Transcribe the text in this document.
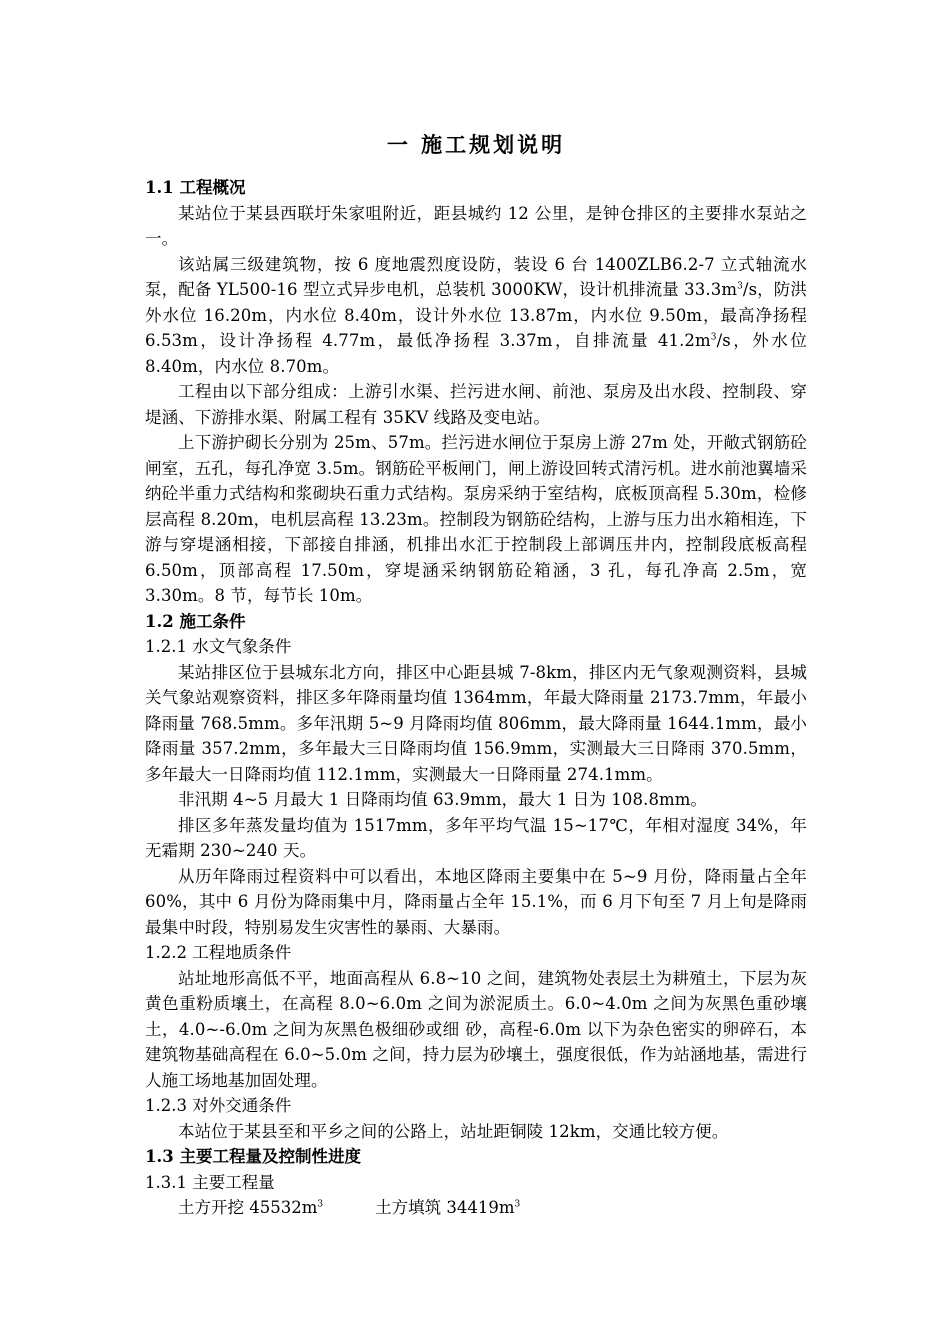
一 施工规划说明
1.1 工程概况

某站位于某县西联圩朱家咀附近，距县城约 12 公里，是钟仓排区的主要排水泵站之一。

该站属三级建筑物，按 6 度地震烈度设防，装设 6 台 1400ZLB6.2-7 立式轴流水泵，配备 YL500-16 型立式异步电机，总装机 3000KW，设计机排流量 $33.3m^3/s$，防洪外水位 16.20m，内水位 8.40m，设计外水位 13.87m，内水位 9.50m，最高净扬程 6.53m，设计净扬程 4.77m，最低净扬程 3.37m，自排流量 $41.2m^3/s$，外水位 8.40m，内水位 8.70m。

工程由以下部分组成：上游引水渠、拦污进水闸、前池、泵房及出水段、控制段、穿堤涵、下游排水渠、附属工程有 35KV 线路及变电站。

上下游护砌长分别为 25m、57m。拦污进水闸位于泵房上游 27m 处，开敞式钢筋砼闸室，五孔，每孔净宽 3.5m。钢筋砼平板闸门，闸上游设回转式清污机。进水前池翼墙采纳砼半重力式结构和浆砌块石重力式结构。泵房采纳于室结构，底板顶高程 5.30m，检修层高程 8.20m，电机层高程 13.23m。控制段为钢筋砼结构，上游与压力出水箱相连，下游与穿堤涵相接，下部接自排涵，机排出水汇于控制段上部调压井内，控制段底板高程 6.50m，顶部高程 17.50m，穿堤涵采纳钢筋砼箱涵，3 孔，每孔净高 2.5m，宽 3.30m。8 节，每节长 10m。

1.2 施工条件
1.2.1 水文气象条件

某站排区位于县城东北方向，排区中心距县城 7-8km，排区内无气象观测资料，县城关气象站观察资料，排区多年降雨量均值 1364mm，年最大降雨量 2173.7mm，年最小降雨量 768.5mm。多年汛期 5~9 月降雨均值 806mm，最大降雨量 1644.1mm，最小降雨量 357.2mm，多年最大三日降雨均值 156.9mm，实测最大三日降雨 370.5mm，多年最大一日降雨均值 112.1mm，实测最大一日降雨量 274.1mm。

非汛期 4~5 月最大 1 日降雨均值 63.9mm，最大 1 日为 108.8mm。

排区多年蒸发量均值为 1517mm，多年平均气温 15~17℃，年相对湿度 34%，年无霜期 230~240 天。

从历年降雨过程资料中可以看出，本地区降雨主要集中在 5~9 月份，降雨量占全年 60%，其中 6 月份为降雨集中月，降雨量占全年 15.1%，而 6 月下旬至 7 月上旬是降雨最集中时段，特别易发生灾害性的暴雨、大暴雨。

1.2.2 工程地质条件

站址地形高低不平，地面高程从 6.8~10 之间，建筑物处表层土为耕殖土，下层为灰黄色重粉质壤土，在高程 8.0~6.0m 之间为淤泥质土。6.0~4.0m 之间为灰黑色重砂壤土，4.0~-6.0m 之间为灰黑色极细砂或细 砂，高程-6.0m 以下为杂色密实的卵碎石，本建筑物基础高程在 6.0~5.0m 之间，持力层为砂壤土，强度很低，作为站涵地基，需进行人施工场地基加固处理。

1.2.3 对外交通条件

本站位于某县至和平乡之间的公路上，站址距铜陵 12km，交通比较方便。

1.3 主要工程量及控制性进度
1.3.1 主要工程量

土方开挖 $45532m^3$	土方填筑 $34419m^3$
